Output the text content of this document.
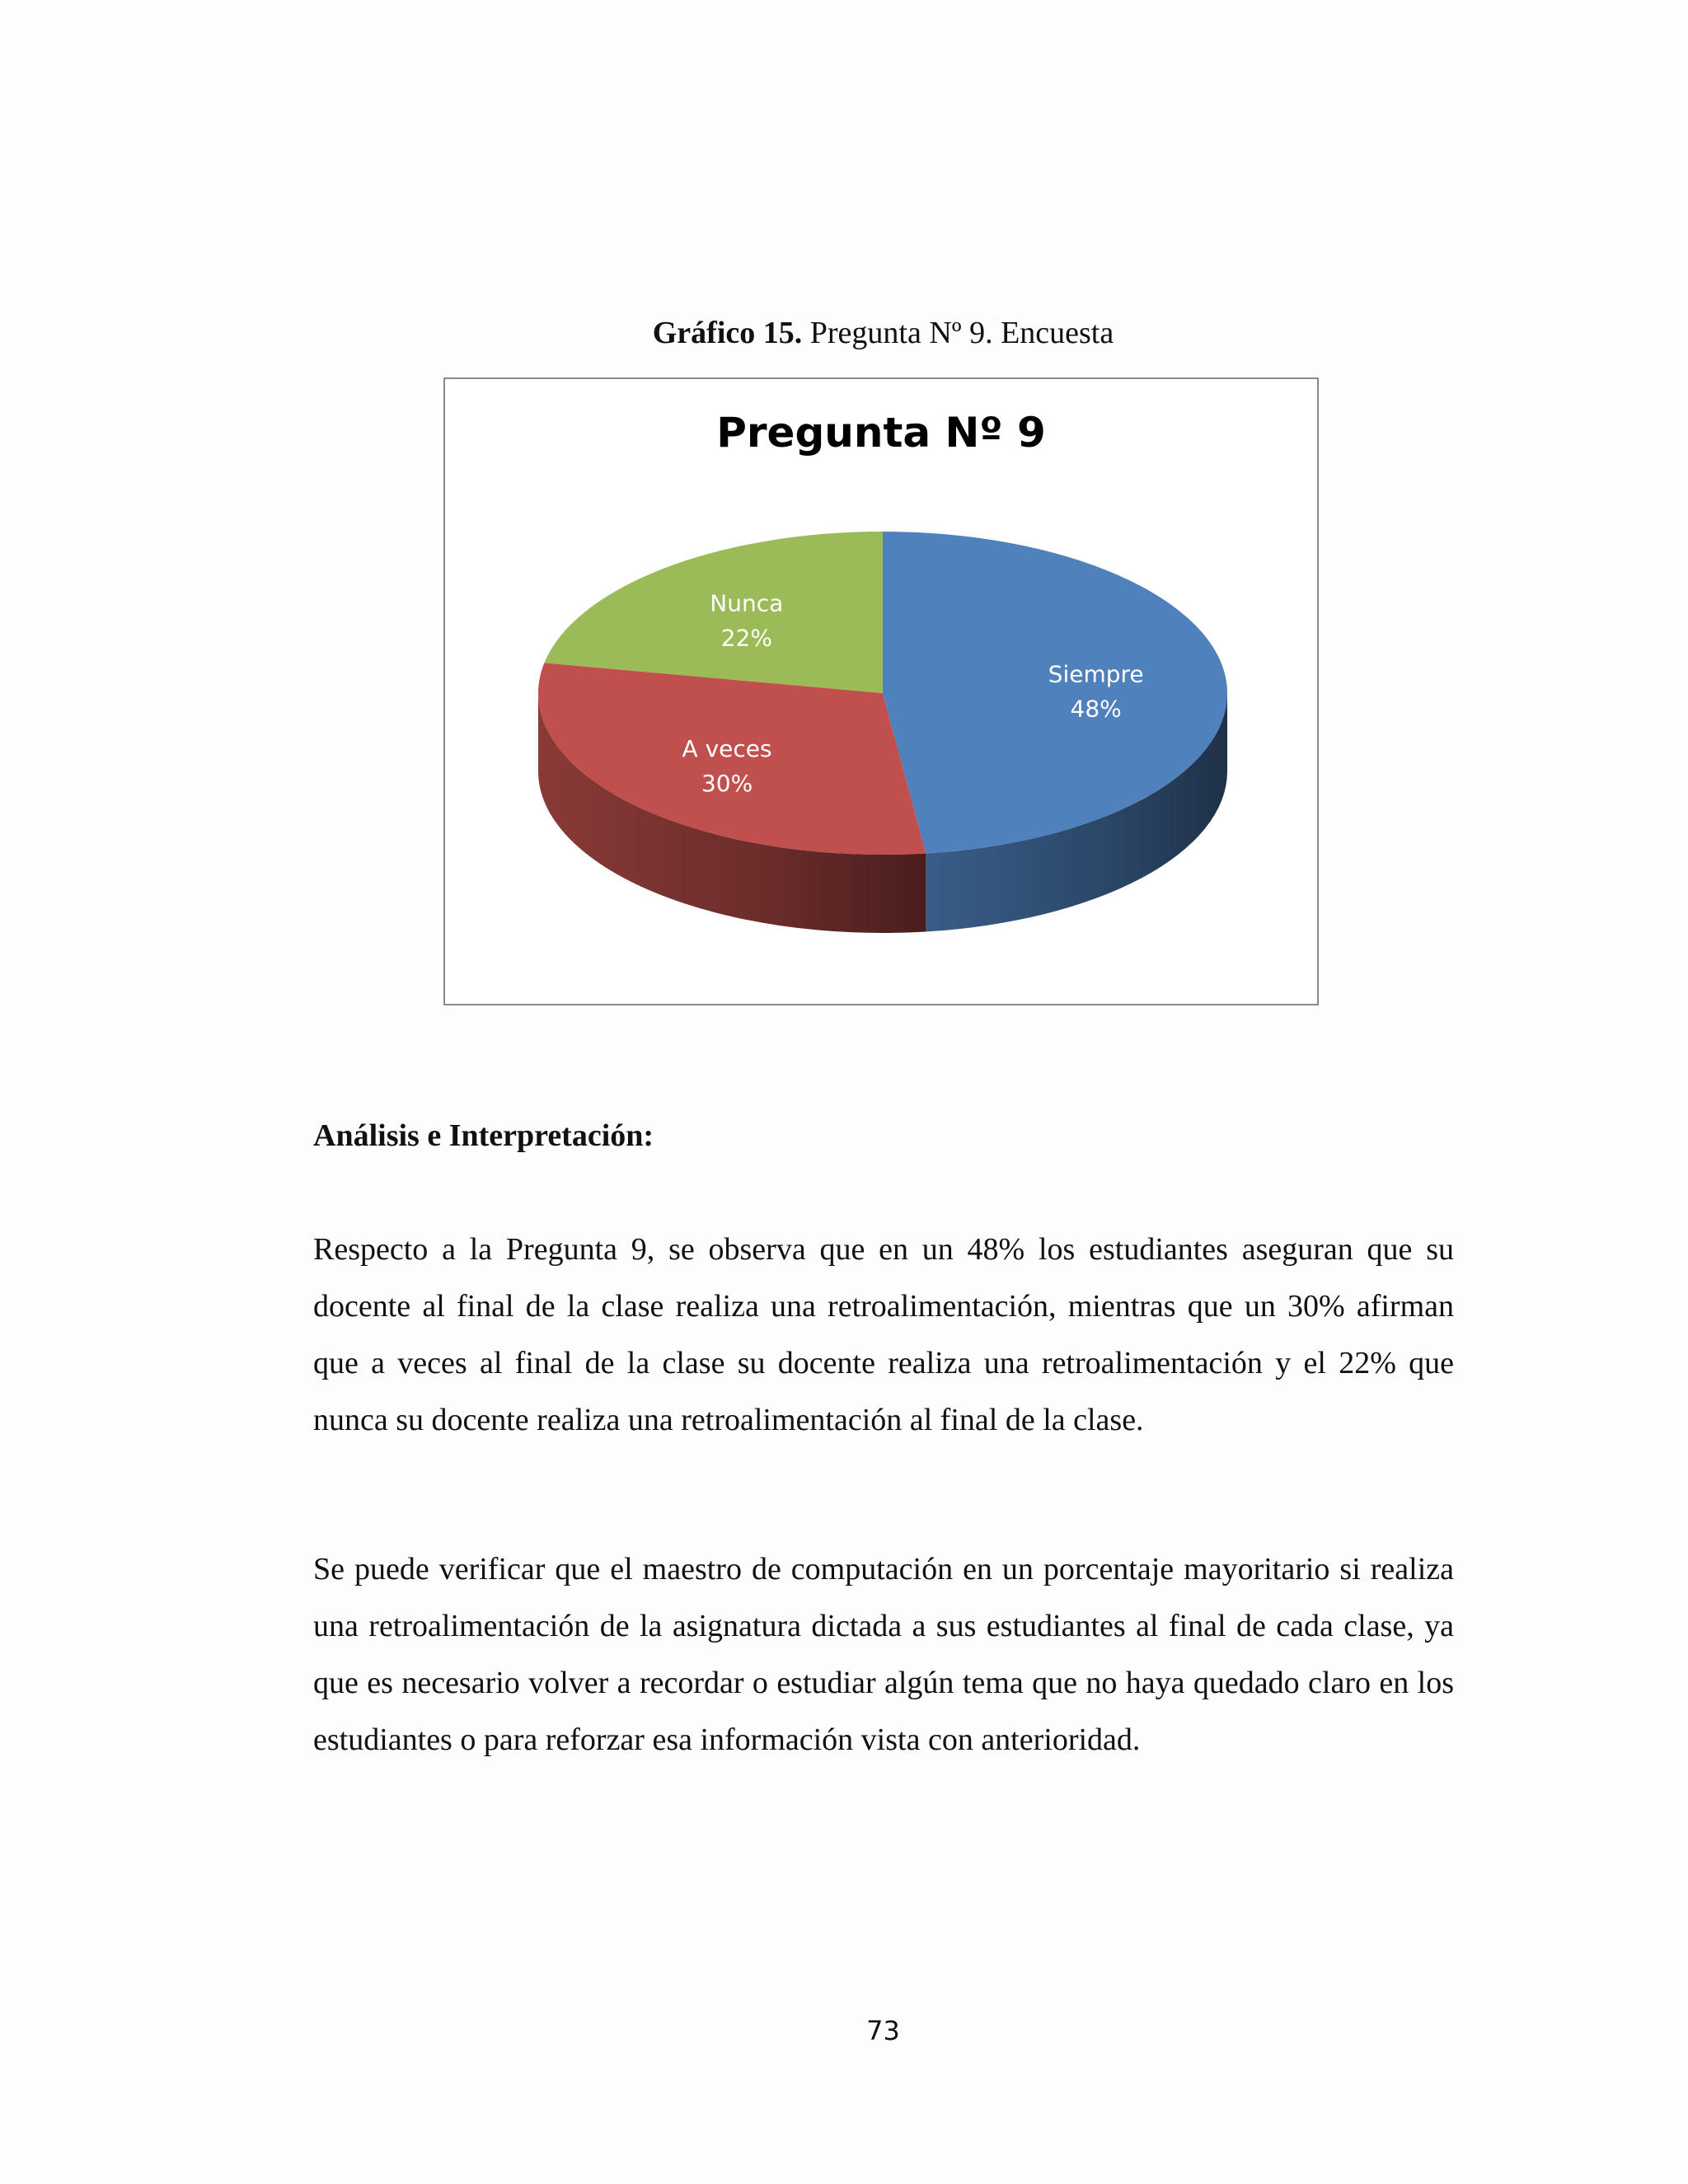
Gráfico 15. Pregunta Nº 9. Encuesta
Pregunta Nº 9
Siempre
48%
A veces
30%
Nunca
22%
Análisis e Interpretación:

Respecto a la Pregunta 9, se observa que en un 48% los estudiantes aseguran que su docente al final de la clase realiza una retroalimentación, mientras que un 30% afirman que a veces al final de la clase su docente realiza una retroalimentación y el 22% que nunca su docente realiza una retroalimentación al final de la clase.

Se puede verificar que el maestro de computación en un porcentaje mayoritario si realiza una retroalimentación de la asignatura dictada a sus estudiantes al final de cada clase, ya que es necesario volver a recordar o estudiar algún tema que no haya quedado claro en los estudiantes o para reforzar esa información vista con anterioridad.

73
